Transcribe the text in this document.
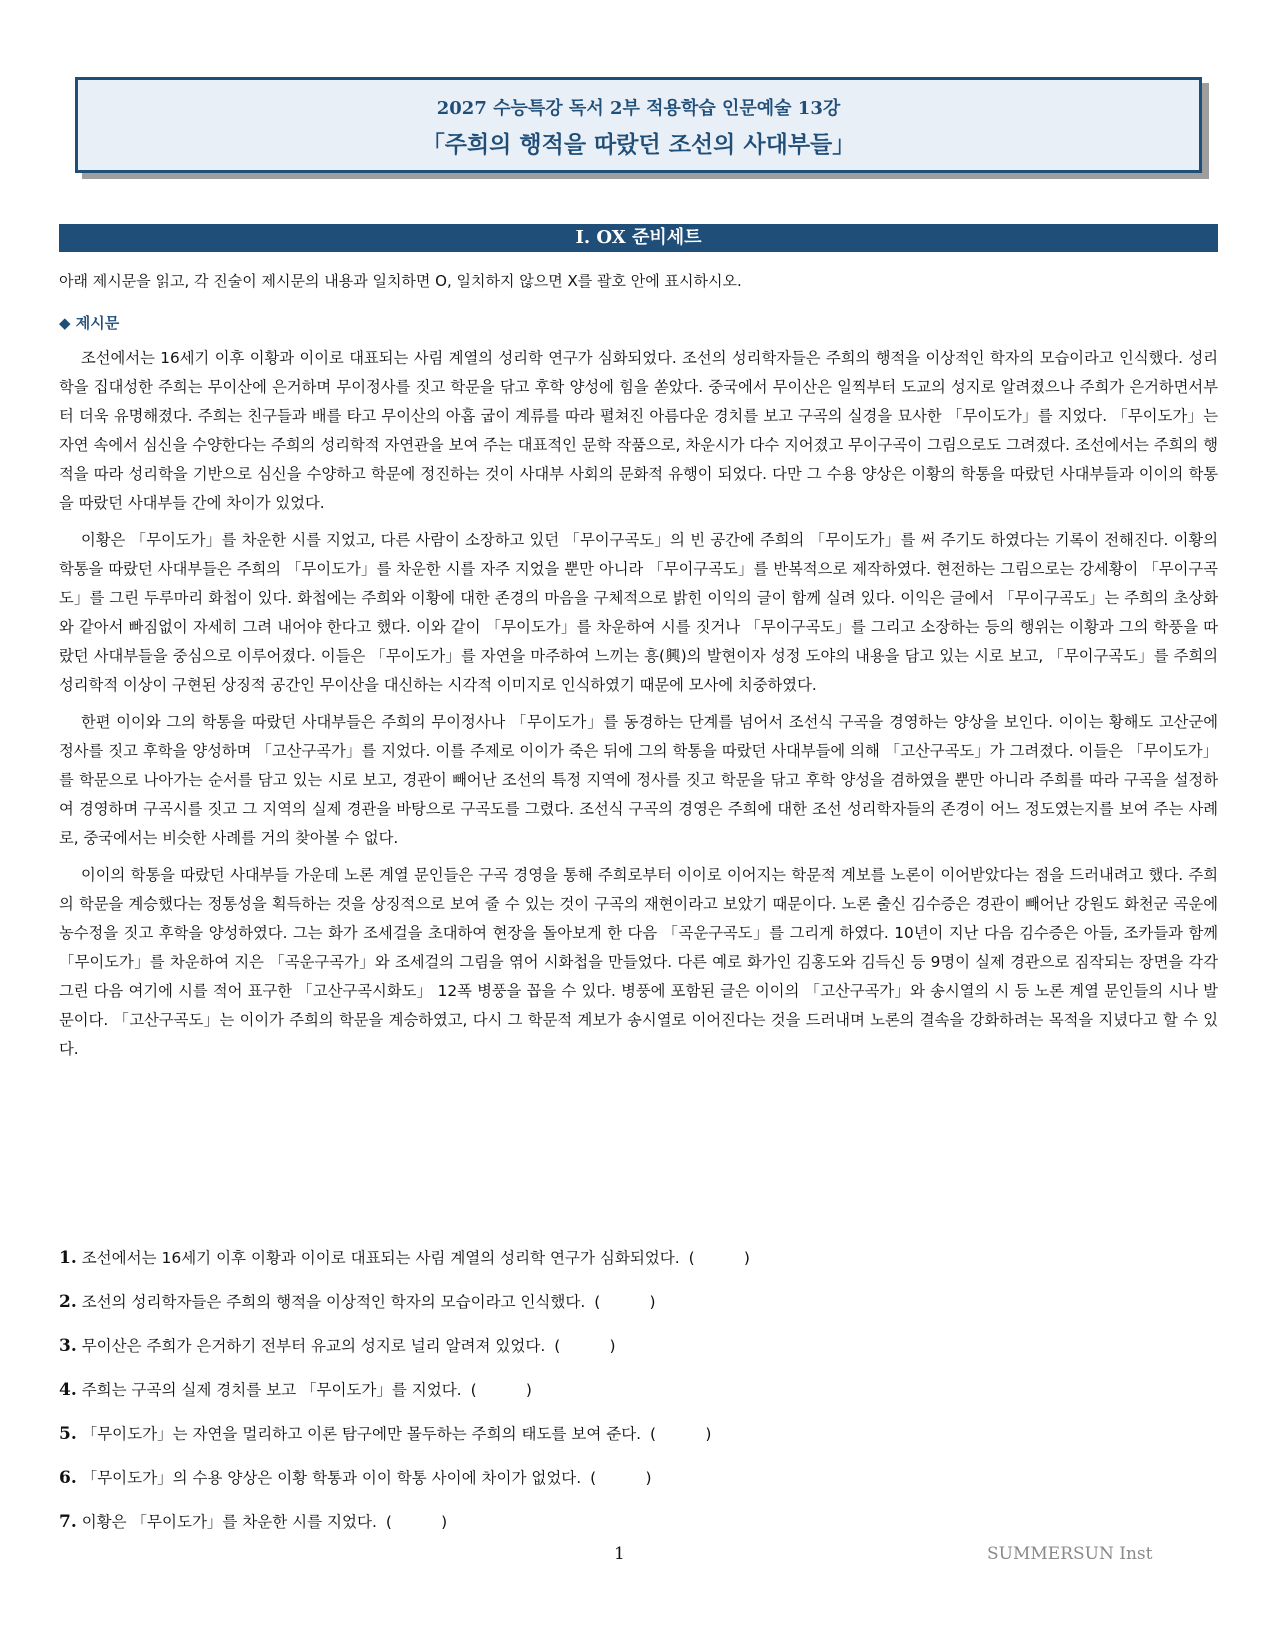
2027 수능특강 독서 2부 적용학습 인문예술 13강
「주희의 행적을 따랐던 조선의 사대부들」
I. OX 준비세트
아래 제시문을 읽고, 각 진술이 제시문의 내용과 일치하면 O, 일치하지 않으면 X를 괄호 안에 표시하시오.
◆ 제시문

조선에서는 16세기 이후 이황과 이이로 대표되는 사림 계열의 성리학 연구가 심화되었다. 조선의 성리학자들은 주희의 행적을 이상적인 학자의 모습이라고 인식했다. 성리학을 집대성한 주희는 무이산에 은거하며 무이정사를 짓고 학문을 닦고 후학 양성에 힘을 쏟았다. 중국에서 무이산은 일찍부터 도교의 성지로 알려졌으나 주희가 은거하면서부터 더욱 유명해졌다. 주희는 친구들과 배를 타고 무이산의 아홉 굽이 계류를 따라 펼쳐진 아름다운 경치를 보고 구곡의 실경을 묘사한 「무이도가」를 지었다. 「무이도가」는 자연 속에서 심신을 수양한다는 주희의 성리학적 자연관을 보여 주는 대표적인 문학 작품으로, 차운시가 다수 지어졌고 무이구곡이 그림으로도 그려졌다. 조선에서는 주희의 행적을 따라 성리학을 기반으로 심신을 수양하고 학문에 정진하는 것이 사대부 사회의 문화적 유행이 되었다. 다만 그 수용 양상은 이황의 학통을 따랐던 사대부들과 이이의 학통을 따랐던 사대부들 간에 차이가 있었다.

이황은 「무이도가」를 차운한 시를 지었고, 다른 사람이 소장하고 있던 「무이구곡도」의 빈 공간에 주희의 「무이도가」를 써 주기도 하였다는 기록이 전해진다. 이황의 학통을 따랐던 사대부들은 주희의 「무이도가」를 차운한 시를 자주 지었을 뿐만 아니라 「무이구곡도」를 반복적으로 제작하였다. 현전하는 그림으로는 강세황이 「무이구곡도」를 그린 두루마리 화첩이 있다. 화첩에는 주희와 이황에 대한 존경의 마음을 구체적으로 밝힌 이익의 글이 함께 실려 있다. 이익은 글에서 「무이구곡도」는 주희의 초상화와 같아서 빠짐없이 자세히 그려 내어야 한다고 했다. 이와 같이 「무이도가」를 차운하여 시를 짓거나 「무이구곡도」를 그리고 소장하는 등의 행위는 이황과 그의 학풍을 따랐던 사대부들을 중심으로 이루어졌다. 이들은 「무이도가」를 자연을 마주하여 느끼는 흥(興)의 발현이자 성정 도야의 내용을 담고 있는 시로 보고, 「무이구곡도」를 주희의 성리학적 이상이 구현된 상징적 공간인 무이산을 대신하는 시각적 이미지로 인식하였기 때문에 모사에 치중하였다.

한편 이이와 그의 학통을 따랐던 사대부들은 주희의 무이정사나 「무이도가」를 동경하는 단계를 넘어서 조선식 구곡을 경영하는 양상을 보인다. 이이는 황해도 고산군에 정사를 짓고 후학을 양성하며 「고산구곡가」를 지었다. 이를 주제로 이이가 죽은 뒤에 그의 학통을 따랐던 사대부들에 의해 「고산구곡도」가 그려졌다. 이들은 「무이도가」를 학문으로 나아가는 순서를 담고 있는 시로 보고, 경관이 빼어난 조선의 특정 지역에 정사를 짓고 학문을 닦고 후학 양성을 겸하였을 뿐만 아니라 주희를 따라 구곡을 설정하여 경영하며 구곡시를 짓고 그 지역의 실제 경관을 바탕으로 구곡도를 그렸다. 조선식 구곡의 경영은 주희에 대한 조선 성리학자들의 존경이 어느 정도였는지를 보여 주는 사례로, 중국에서는 비슷한 사례를 거의 찾아볼 수 없다.

이이의 학통을 따랐던 사대부들 가운데 노론 계열 문인들은 구곡 경영을 통해 주희로부터 이이로 이어지는 학문적 계보를 노론이 이어받았다는 점을 드러내려고 했다. 주희의 학문을 계승했다는 정통성을 획득하는 것을 상징적으로 보여 줄 수 있는 것이 구곡의 재현이라고 보았기 때문이다. 노론 출신 김수증은 경관이 빼어난 강원도 화천군 곡운에 농수정을 짓고 후학을 양성하였다. 그는 화가 조세걸을 초대하여 현장을 돌아보게 한 다음 「곡운구곡도」를 그리게 하였다. 10년이 지난 다음 김수증은 아들, 조카들과 함께 「무이도가」를 차운하여 지은 「곡운구곡가」와 조세걸의 그림을 엮어 시화첩을 만들었다. 다른 예로 화가인 김홍도와 김득신 등 9명이 실제 경관으로 짐작되는 장면을 각각 그린 다음 여기에 시를 적어 표구한 「고산구곡시화도」 12폭 병풍을 꼽을 수 있다. 병풍에 포함된 글은 이이의 「고산구곡가」와 송시열의 시 등 노론 계열 문인들의 시나 발문이다. 「고산구곡도」는 이이가 주희의 학문을 계승하였고, 다시 그 학문적 계보가 송시열로 이어진다는 것을 드러내며 노론의 결속을 강화하려는 목적을 지녔다고 할 수 있다.

1. 조선에서는 16세기 이후 이황과 이이로 대표되는 사림 계열의 성리학 연구가 심화되었다. (          )
2. 조선의 성리학자들은 주희의 행적을 이상적인 학자의 모습이라고 인식했다. (          )
3. 무이산은 주희가 은거하기 전부터 유교의 성지로 널리 알려져 있었다. (          )
4. 주희는 구곡의 실제 경치를 보고 「무이도가」를 지었다. (          )
5. 「무이도가」는 자연을 멀리하고 이론 탐구에만 몰두하는 주희의 태도를 보여 준다. (          )
6. 「무이도가」의 수용 양상은 이황 학통과 이이 학통 사이에 차이가 없었다. (          )
7. 이황은 「무이도가」를 차운한 시를 지었다. (          )
1	SUMMERSUN Inst
